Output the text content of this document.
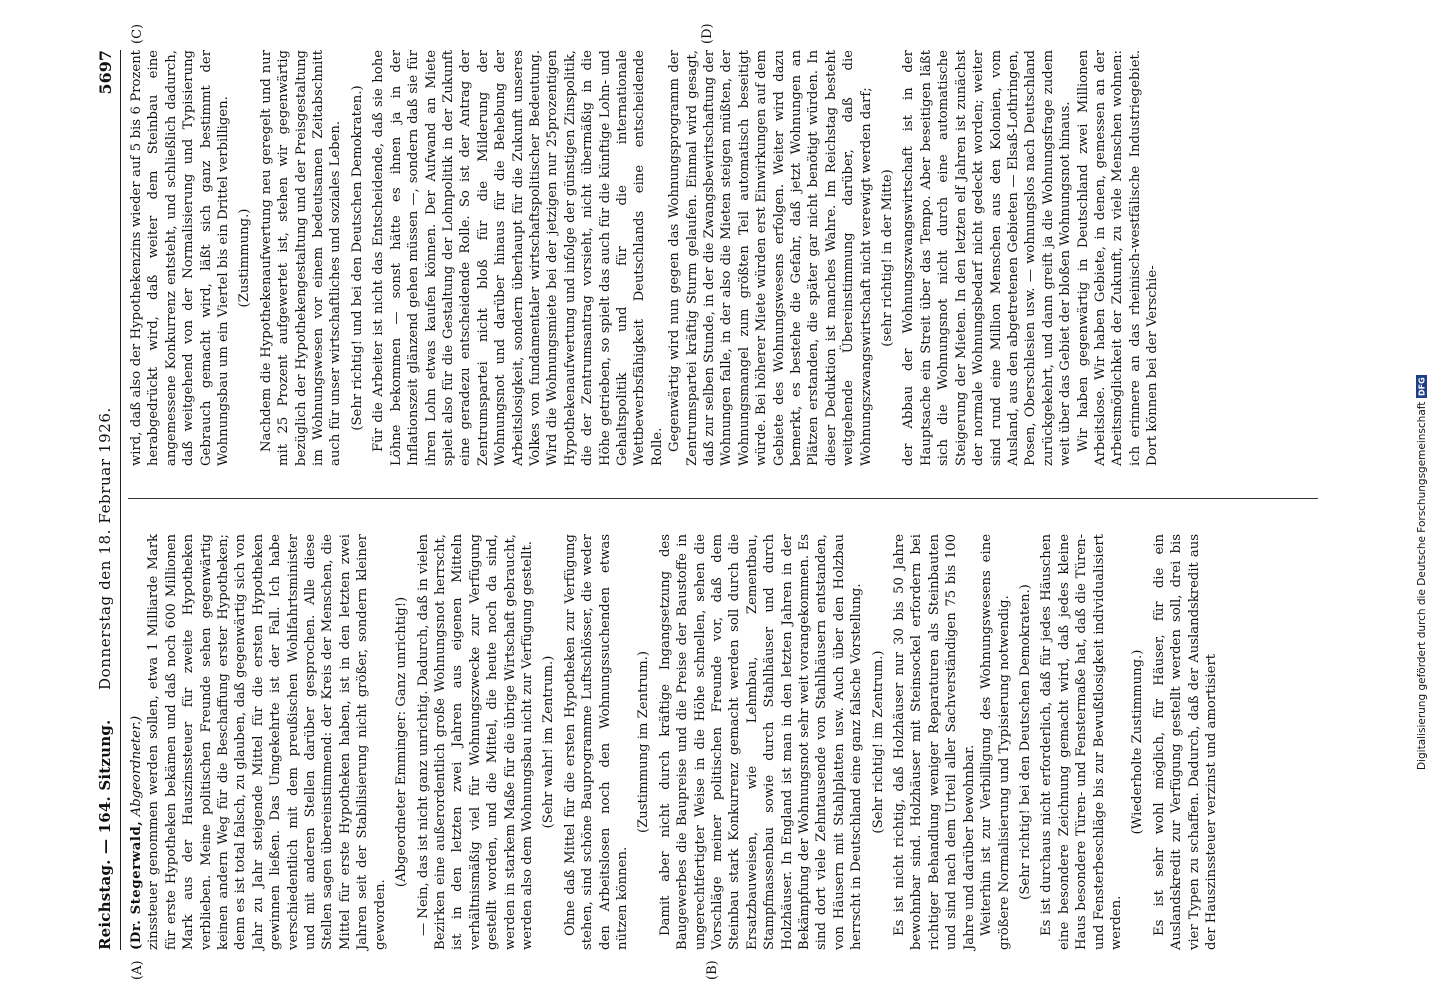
Reichstag. — 164. Sitzung.
Donnerstag den 18. Februar 1926.
5697
(A)	(B)
(C)	(D)

(Dr. Stegerwald, Abgeordneter.) zinssteuer genommen werden sollen, etwa 1 Milliarde Mark für erste Hypotheken bekämen und daß noch 600 Millionen Mark aus der Hauszinssteuer für zweite Hypotheken verblieben. Meine politischen Freunde sehen gegenwärtig keinen andern Weg für die Beschaffung erster Hypotheken; denn es ist total falsch, zu glauben, daß gegenwärtig sich von Jahr zu Jahr steigende Mittel für die ersten Hypotheken gewinnen ließen. Das Umgekehrte ist der Fall. Ich habe verschiedentlich mit dem preußischen Wohlfahrtsminister und mit anderen Stellen darüber gesprochen. Alle diese Stellen sagen übereinstimmend: der Kreis der Menschen, die Mittel für erste Hypotheken haben, ist in den letzten zwei Jahren seit der Stabilisierung nicht größer, sondern kleiner geworden.

(Abgeordneter Emminger: Ganz unrichtig!) — Nein, das ist nicht ganz unrichtig. Dadurch, daß in vielen Bezirken eine außerordentlich große Wohnungsnot herrscht, ist in den letzten zwei Jahren aus eigenen Mitteln verhältnismäßig viel für Wohnungszwecke zur Verfügung gestellt worden, und die Mittel, die heute noch da sind, werden in starkem Maße für die übrige Wirtschaft gebraucht, werden also dem Wohnungsbau nicht zur Verfügung gestellt. (Sehr wahr! im Zentrum.) Ohne daß Mittel für die ersten Hypotheken zur Verfügung stehen, sind schöne Bauprogramme Luftschlösser, die weder den Arbeitslosen noch den Wohnungssuchenden etwas nützen können.

(Zustimmung im Zentrum.) Damit aber nicht durch kräftige Ingangsetzung des Baugewerbes die Baupreise und die Preise der Baustoffe in ungerechtfertigter Weise in die Höhe schnellen, sehen die Vorschläge meiner politischen Freunde vor, daß dem Steinbau stark Konkurrenz gemacht werden soll durch die Ersatzbauweisen, wie Lehmbau, Zementbau, Stampfmassenbau sowie durch Stahlhäuser und durch Holzhäuser. In England ist man in den letzten Jahren in der Bekämpfung der Wohnungsnot sehr weit vorangekommen. Es sind dort viele Zehntausende von Stahlhäusern entstanden, von Häusern mit Stahlplatten usw. Auch über den Holzbau herrscht in Deutschland eine ganz falsche Vorstellung. (Sehr richtig! im Zentrum.) Es ist nicht richtig, daß Holzhäuser nur 30 bis 50 Jahre bewohnbar sind. Holzhäuser mit Steinsockel erfordern bei richtiger Behandlung weniger Reparaturen als Steinbauten und sind nach dem Urteil aller Sachverständigen 75 bis 100 Jahre und darüber bewohnbar. Weiterhin ist zur Verbilligung des Wohnungswesens eine größere Normalisierung und Typisierung notwendig. (Sehr richtig! bei den Deutschen Demokraten.) Es ist durchaus nicht erforderlich, daß für jedes Häuschen eine besondere Zeichnung gemacht wird, daß jedes kleine Haus besondere Türen- und Fenstermaße hat, daß die Türen- und Fensterbeschläge bis zur Bewußtlosigkeit individualisiert werden.

(Wiederholte Zustimmung.) Es ist sehr wohl möglich, für Häuser, für die ein Auslandskredit zur Verfügung gestellt werden soll, drei bis vier Typen zu schaffen. Dadurch, daß der Auslandskredit aus der Hauszinssteuer verzinst und amortisiert

wird, daß also der Hypothekenzins wieder auf 5 bis 6 Prozent herabgedrückt wird, daß weiter dem Steinbau eine angemessene Konkurrenz entsteht, und schließlich dadurch, daß weitgehend von der Normalisierung und Typisierung Gebrauch gemacht wird, läßt sich ganz bestimmt der Wohnungsbau um ein Viertel bis ein Drittel verbilligen. (Zustimmung.) Nachdem die Hypothekenaufwertung neu geregelt und nur mit 25 Prozent aufgewertet ist, stehen wir gegenwärtig bezüglich der Hypothekengestaltung und der Preisgestaltung im Wohnungswesen vor einem bedeutsamen Zeitabschnitt auch für unser wirtschaftliches und soziales Leben. (Sehr richtig! und bei den Deutschen Demokraten.) Für die Arbeiter ist nicht das Entscheidende, daß sie hohe Löhne bekommen — sonst hätte es ihnen ja in der Inflationszeit glänzend gehen müssen —, sondern daß sie für ihren Lohn etwas kaufen können. Der Aufwand an Miete spielt also für die Gestaltung der Lohnpolitik in der Zukunft eine geradezu entscheidende Rolle. So ist der Antrag der Zentrumspartei nicht bloß für die Milderung der Wohnungsnot und darüber hinaus für die Behebung der Arbeitslosigkeit, sondern überhaupt für die Zukunft unseres Volkes von fundamentaler wirtschaftspolitischer Bedeutung. Wird die Wohnungsmiete bei der jetzigen nur 25prozentigen Hypothekenaufwertung und infolge der günstigen Zinspolitik, die der Zentrumsantrag vorsieht, nicht übermäßig in die Höhe getrieben, so spielt das auch für die künftige Lohn- und Gehaltspolitik und für die internationale Wettbewerbsfähigkeit Deutschlands eine entscheidende Rolle. Gegenwärtig wird nun gegen das Wohnungsprogramm der Zentrumspartei kräftig Sturm gelaufen. Einmal wird gesagt, daß zur selben Stunde, in der die Zwangsbewirtschaftung der Wohnungen falle, in der also die Mieten steigen müßten, der Wohnungsmangel zum größten Teil automatisch beseitigt würde. Bei höherer Miete würden erst Einwirkungen auf dem Gebiete des Wohnungswesens erfolgen. Weiter wird dazu bemerkt, es bestehe die Gefahr, daß jetzt Wohnungen an Plätzen erstanden, die später gar nicht benötigt würden. In dieser Deduktion ist manches Wahre. Im Reichstag besteht weitgehende Übereinstimmung darüber, daß die Wohnungszwangswirtschaft nicht verewigt werden darf; (sehr richtig! in der Mitte) der Abbau der Wohnungszwangswirtschaft ist in der Hauptsache ein Streit über das Tempo. Aber beseitigen läßt sich die Wohnungsnot nicht durch eine automatische Steigerung der Mieten. In den letzten elf Jahren ist zunächst der normale Wohnungsbedarf nicht gedeckt worden; weiter sind rund eine Million Menschen aus den Kolonien, vom Ausland, aus den abgetretenen Gebieten — Elsaß-Lothringen, Posen, Oberschlesien usw. — wohnungslos nach Deutschland zurückgekehrt, und dann greift ja die Wohnungsfrage zudem weit über das Gebiet der bloßen Wohnungsnot hinaus. Wir haben gegenwärtig in Deutschland zwei Millionen Arbeitslose. Wir haben Gebiete, in denen, gemessen an der Arbeitsmöglichkeit der Zukunft, zu viele Menschen wohnen: ich erinnere an das rheinisch-westfälische Industriegebiet. Dort können bei der Verschie-

Digitalisierung gefördert durch die Deutsche Forschungsgemeinschaft
DFG
